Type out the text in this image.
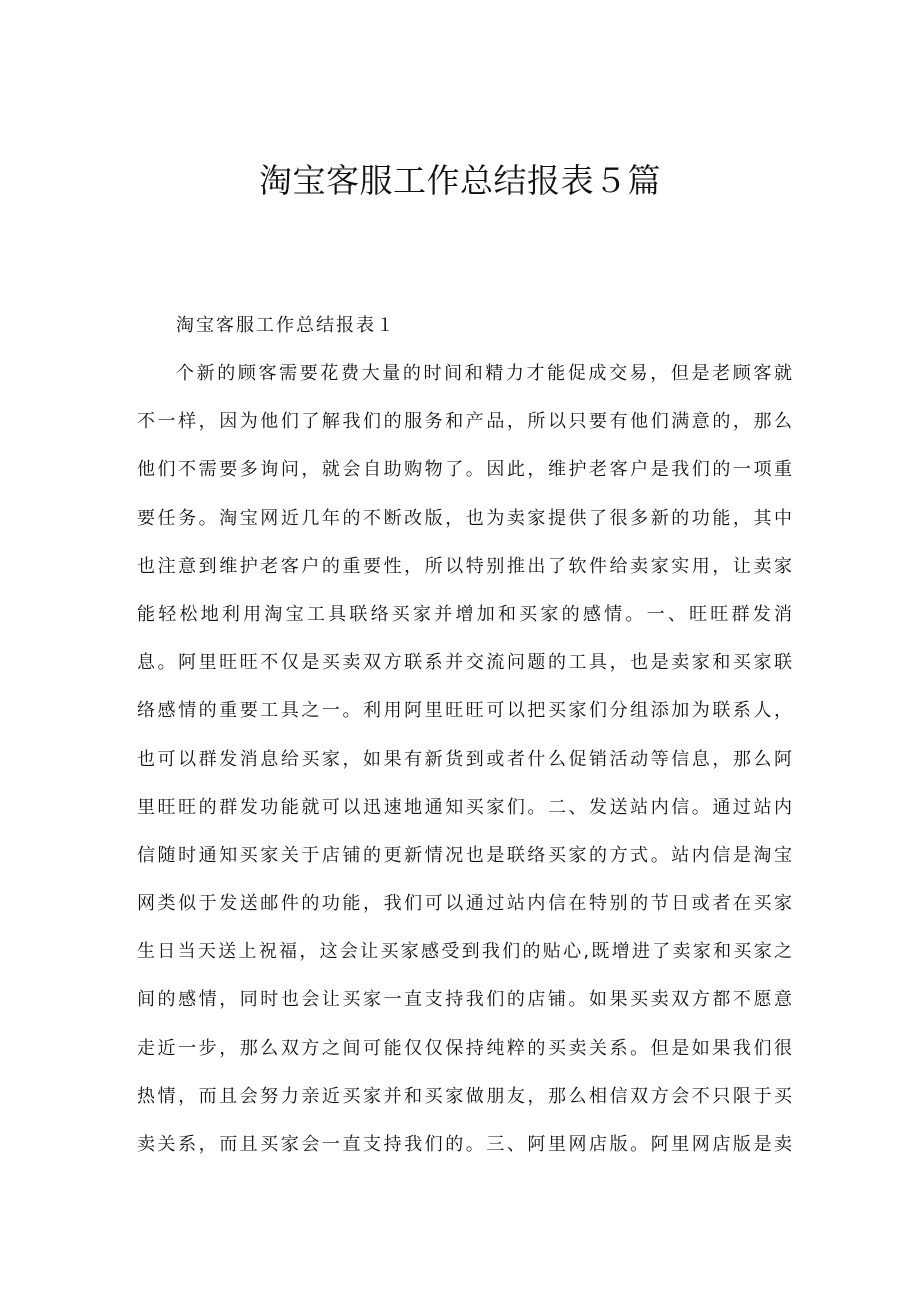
淘宝客服工作总结报表５篇

淘宝客服工作总结报表１

个新的顾客需要花费大量的时间和精力才能促成交易，但是老顾客就
不一样，因为他们了解我们的服务和产品，所以只要有他们满意的，那么
他们不需要多询问，就会自助购物了。因此，维护老客户是我们的一项重
要任务。淘宝网近几年的不断改版，也为卖家提供了很多新的功能，其中
也注意到维护老客户的重要性，所以特别推出了软件给卖家实用，让卖家
能轻松地利用淘宝工具联络买家并增加和买家的感情。一、旺旺群发消
息。阿里旺旺不仅是买卖双方联系并交流问题的工具，也是卖家和买家联
络感情的重要工具之一。利用阿里旺旺可以把买家们分组添加为联系人，
也可以群发消息给买家，如果有新货到或者什么促销活动等信息，那么阿
里旺旺的群发功能就可以迅速地通知买家们。二、发送站内信。通过站内
信随时通知买家关于店铺的更新情况也是联络买家的方式。站内信是淘宝
网类似于发送邮件的功能，我们可以通过站内信在特别的节日或者在买家
生日当天送上祝福，这会让买家感受到我们的贴心,既增进了卖家和买家之
间的感情，同时也会让买家一直支持我们的店铺。如果买卖双方都不愿意
走近一步，那么双方之间可能仅仅保持纯粹的买卖关系。但是如果我们很
热情，而且会努力亲近买家并和买家做朋友，那么相信双方会不只限于买
卖关系，而且买家会一直支持我们的。三、阿里网店版。阿里网店版是卖
